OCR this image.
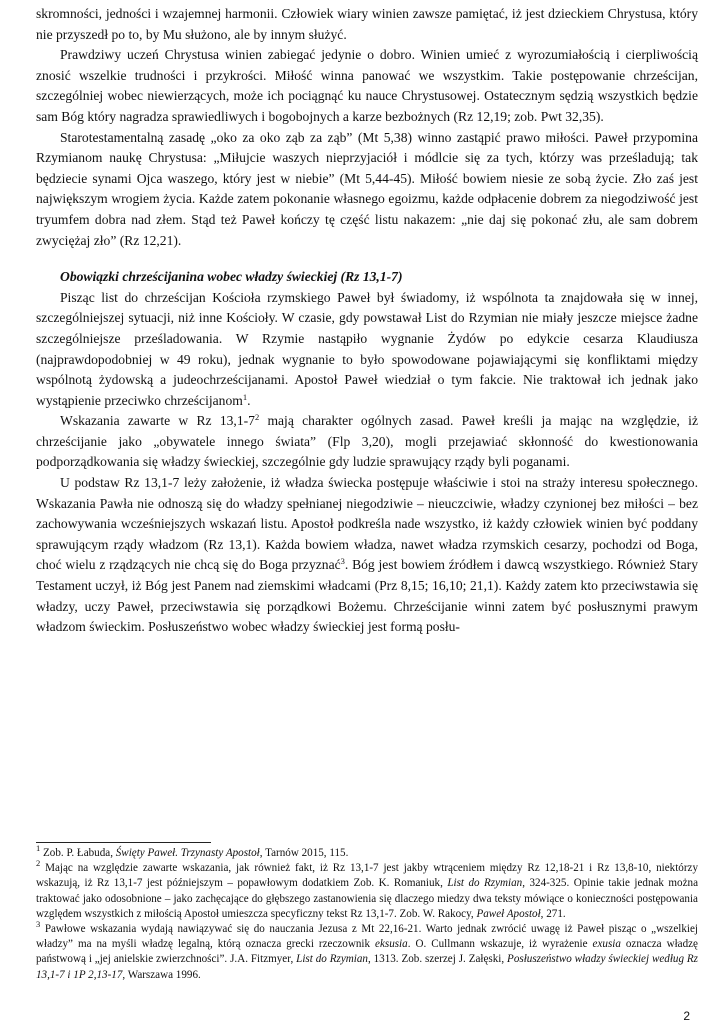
skromności, jedności i wzajemnej harmonii. Człowiek wiary winien zawsze pamiętać, iż jest dzieckiem Chrystusa, który nie przyszedł po to, by Mu służono, ale by innym służyć.

Prawdziwy uczeń Chrystusa winien zabiegać jedynie o dobro. Winien umieć z wyrozumiałością i cierpliwością znosić wszelkie trudności i przykrości. Miłość winna panować we wszystkim. Takie postępowanie chrześcijan, szczególniej wobec niewierzących, może ich pociągnąć ku nauce Chrystusowej. Ostatecznym sędzią wszystkich będzie sam Bóg który nagradza sprawiedliwych i bogobojnych a karze bezbożnych (Rz 12,19; zob. Pwt 32,35).

Starotestamentalną zasadę „oko za oko ząb za ząb” (Mt 5,38) winno zastąpić prawo miłości. Paweł przypomina Rzymianom naukę Chrystusa: „Miłujcie waszych nieprzyjaciół i módlcie się za tych, którzy was prześladują; tak będziecie synami Ojca waszego, który jest w niebie” (Mt 5,44-45). Miłość bowiem niesie ze sobą życie. Zło zaś jest największym wrogiem życia. Każde zatem pokonanie własnego egoizmu, każde odpłacenie dobrem za niegodziwość jest tryumfem dobra nad złem. Stąd też Paweł kończy tę część listu nakazem: „nie daj się pokonać złu, ale sam dobrem zwyciężaj zło” (Rz 12,21).

Obowiązki chrześcijanina wobec władzy świeckiej (Rz 13,1-7)

Pisząc list do chrześcijan Kościoła rzymskiego Paweł był świadomy, iż wspólnota ta znajdowała się w innej, szczególniejszej sytuacji, niż inne Kościoły. W czasie, gdy powstawał List do Rzymian nie miały jeszcze miejsce żadne szczególniejsze prześladowania. W Rzymie nastąpiło wygnanie Żydów po edykcie cesarza Klaudiusza (najprawdopodobniej w 49 roku), jednak wygnanie to było spowodowane pojawiającymi się konfliktami między wspólnotą żydowską a judeochrześcijanami. Apostoł Paweł wiedział o tym fakcie. Nie traktował ich jednak jako wystąpienie przeciwko chrześcijanom$^1$.

Wskazania zawarte w Rz $13,1-7^2$ mają charakter ogólnych zasad. Paweł kreśli ja mając na względzie, iż chrześcijanie jako „obywatele innego świata” (Flp 3,20), mogli przejawiać skłonność do kwestionowania podporządkowania się władzy świeckiej, szczególnie gdy ludzie sprawujący rządy byli poganami.

U podstaw Rz 13,1-7 leży założenie, iż władza świecka postępuje właściwie i stoi na straży interesu społecznego. Wskazania Pawła nie odnoszą się do władzy spełnianej niegodziwie – nieuczciwie, władzy czynionej bez miłości – bez zachowywania wcześniejszych wskazań listu. Apostoł podkreśla nade wszystko, iż każdy człowiek winien być poddany sprawującym rządy władzom (Rz 13,1). Każda bowiem władza, nawet władza rzymskich cesarzy, pochodzi od Boga, choć wielu z rządzących nie chcą się do Boga przyznać$^3$. Bóg jest bowiem źródłem i dawcą wszystkiego. Również Stary Testament uczył, iż Bóg jest Panem nad ziemskimi władcami (Prz 8,15; 16,10; 21,1). Każdy zatem kto przeciwstawia się władzy, uczy Paweł, przeciwstawia się porządkowi Bożemu. Chrześcijanie winni zatem być posłusznymi prawym władzom świeckim. Posłuszeństwo wobec władzy świeckiej jest formą posłu-

$^1$ Zob. P. Łabuda, Święty Paweł. Trzynasty Apostoł, Tarnów 2015, 115.

$^2$ Mając na względzie zawarte wskazania, jak również fakt, iż Rz 13,1-7 jest jakby wtrąceniem między Rz 12,18-21 i Rz 13,8-10, niektórzy wskazują, iż Rz 13,1-7 jest późniejszym – popawłowym dodatkiem Zob. K. Romaniuk, List do Rzymian, 324-325. Opinie takie jednak można traktować jako odosobnione – jako zachęcające do głębszego zastanowienia się dlaczego miedzy dwa teksty mówiące o konieczności postępowania względem wszystkich z miłością Apostoł umieszcza specyficzny tekst Rz 13,1-7. Zob. W. Rakocy, Paweł Apostoł, 271.

$^3$ Pawłowe wskazania wydają nawiązywać się do nauczania Jezusa z Mt 22,16-21. Warto jednak zwrócić uwagę iż Paweł pisząc o „wszelkiej władzy” ma na myśli władzę legalną, którą oznacza grecki rzeczownik eksusia. O. Cullmann wskazuje, iż wyrażenie exusia oznacza władzę państwową i „jej anielskie zwierzchności”. J.A. Fitzmyer, List do Rzymian, 1313. Zob. szerzej J. Załęski, Posłuszeństwo władzy świeckiej według Rz 13,1-7 i 1P 2,13-17, Warszawa 1996.

2
